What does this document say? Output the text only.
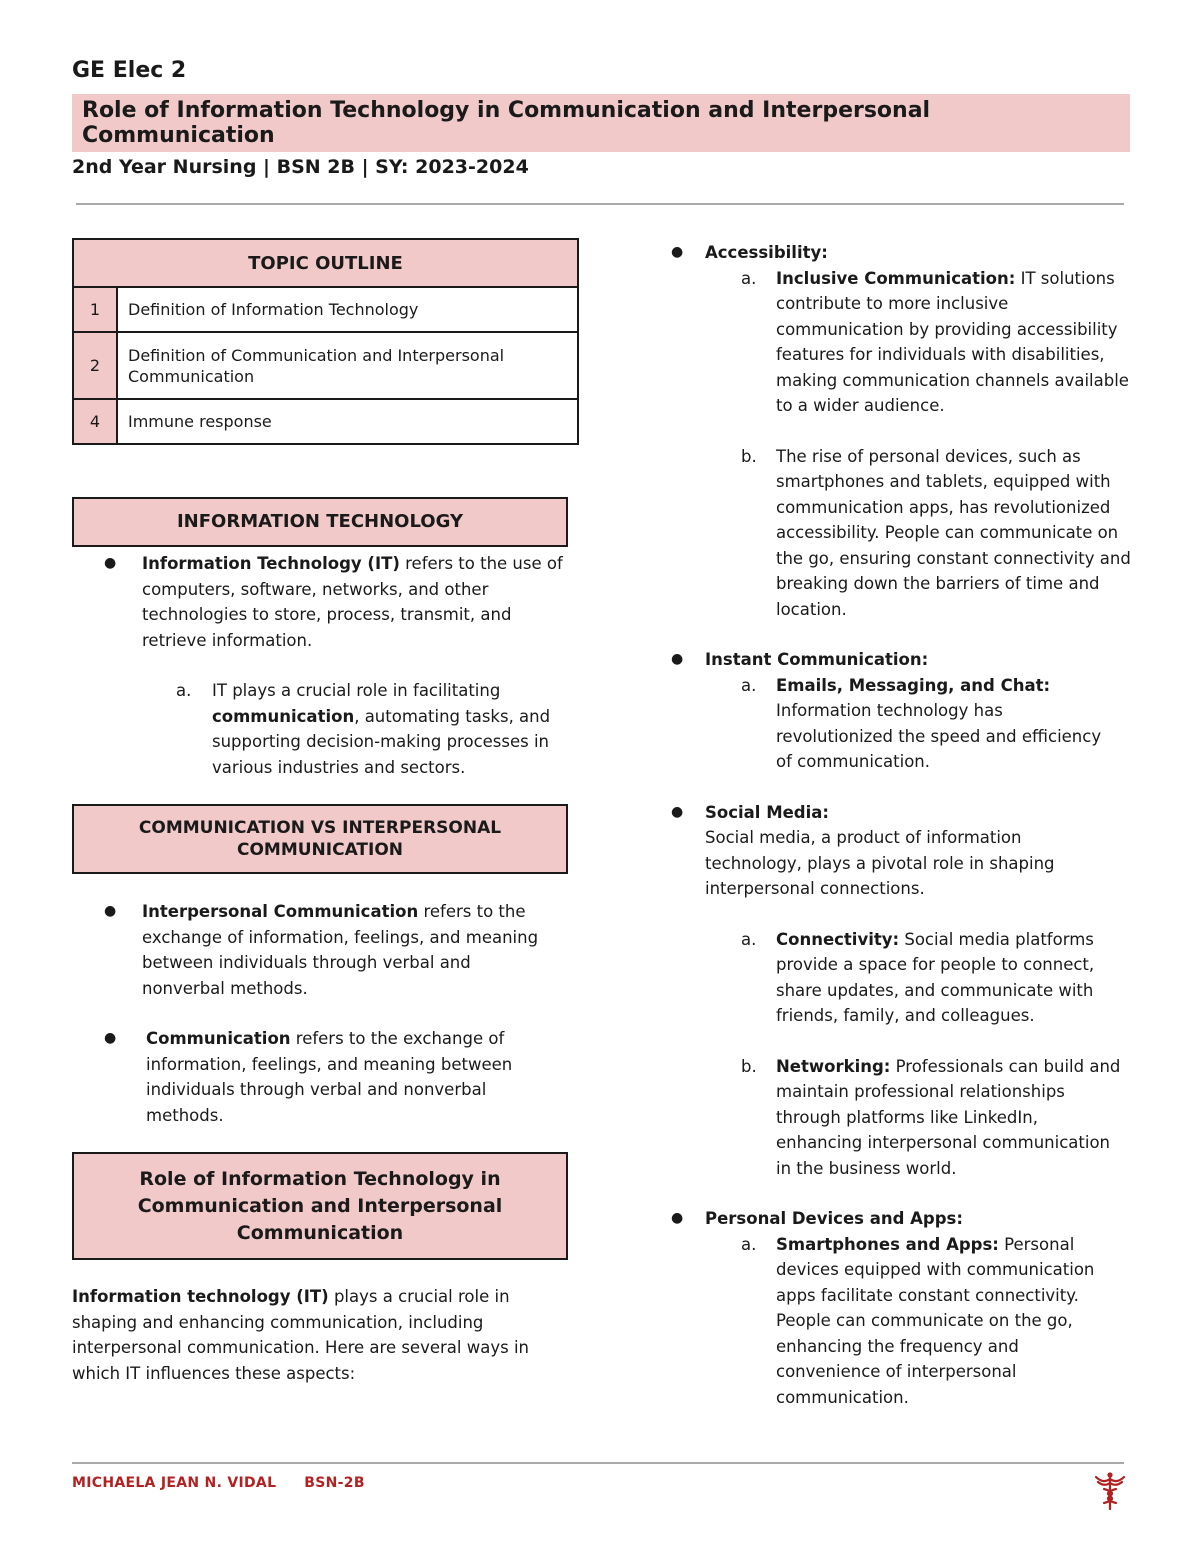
GE Elec 2
Role of Information Technology in Communication and Interpersonal Communication
2nd Year Nursing | BSN 2B | SY: 2023-2024
TOPIC OUTLINE	
1	Definition of Information Technology
2	Definition of Communication and Interpersonal Communication
4	Immune response
INFORMATION TECHNOLOGY
● Information Technology (IT) refers to the use of computers, software, networks, and other technologies to store, process, transmit, and retrieve information.
a. IT plays a crucial role in facilitating communication, automating tasks, and supporting decision-making processes in various industries and sectors.
COMMUNICATION VS INTERPERSONAL COMMUNICATION
● Interpersonal Communication refers to the exchange of information, feelings, and meaning between individuals through verbal and nonverbal methods.
● Communication refers to the exchange of information, feelings, and meaning between individuals through verbal and nonverbal methods.
Role of Information Technology in Communication and Interpersonal Communication
Information technology (IT) plays a crucial role in shaping and enhancing communication, including interpersonal communication. Here are several ways in which IT influences these aspects:
● Accessibility:
a. Inclusive Communication: IT solutions contribute to more inclusive communication by providing accessibility features for individuals with disabilities, making communication channels available to a wider audience.
b. The rise of personal devices, such as smartphones and tablets, equipped with communication apps, has revolutionized accessibility. People can communicate on the go, ensuring constant connectivity and breaking down the barriers of time and location.
● Instant Communication:
a. Emails, Messaging, and Chat:
Information technology has revolutionized the speed and efficiency of communication.
● Social Media:
Social media, a product of information technology, plays a pivotal role in shaping interpersonal connections.
a. Connectivity: Social media platforms provide a space for people to connect, share updates, and communicate with friends, family, and colleagues.
b. Networking: Professionals can build and maintain professional relationships through platforms like LinkedIn, enhancing interpersonal communication in the business world.
● Personal Devices and Apps:
a. Smartphones and Apps: Personal devices equipped with communication apps facilitate constant connectivity. People can communicate on the go, enhancing the frequency and convenience of interpersonal communication.
MICHAELA JEAN N. VIDAL BSN-2B
